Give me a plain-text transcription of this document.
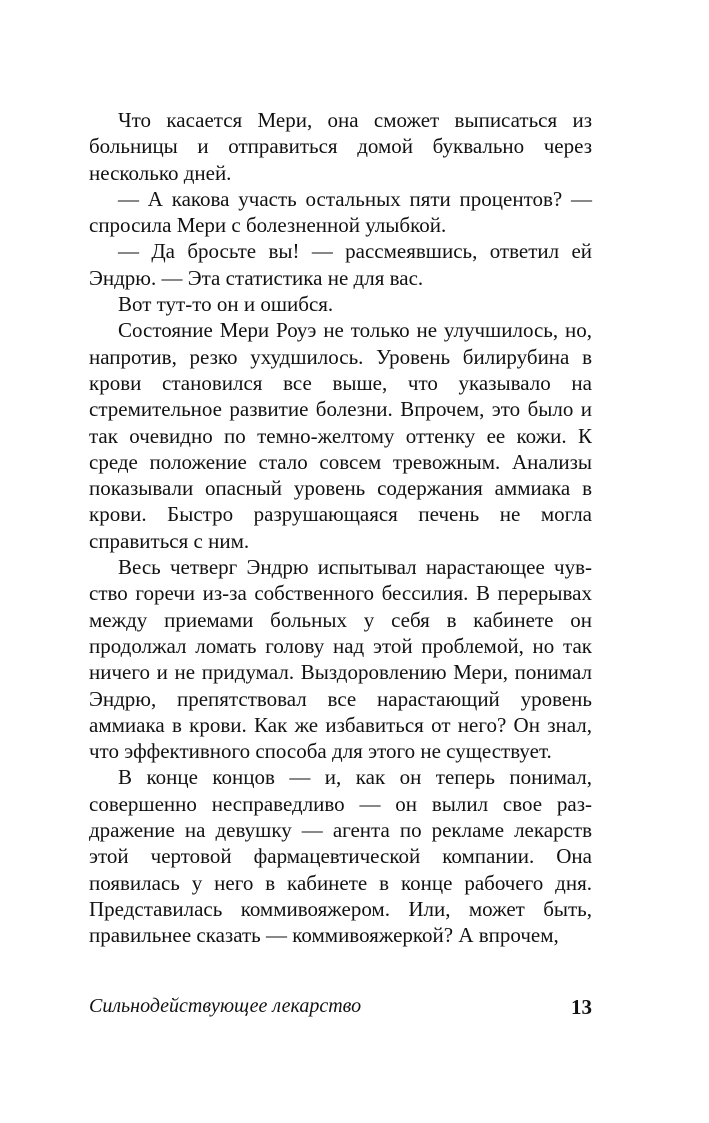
Что касается Мери, она сможет выписаться из больницы и отправиться домой буквально через несколько дней.

— А какова участь остальных пяти процентов? — спросила Мери с болезненной улыбкой.

— Да бросьте вы! — рассмеявшись, ответил ей Эндрю. — Эта статистика не для вас.

Вот тут-то он и ошибся.

Состояние Мери Роуэ не только не улучшилось, но, напротив, резко ухудшилось. Уровень билирубина в крови становился все выше, что указывало на стремительное развитие болезни. Впрочем, это было и так очевидно по темно-желтому оттенку ее кожи. К среде положение стало совсем тревожным. Анализы показывали опасный уровень содержания аммиака в крови. Быстро разрушающаяся печень не могла справиться с ним.

Весь четверг Эндрю испытывал нарастающее чувство горечи из-за собственного бессилия. В перерывах между приемами больных у себя в кабинете он продолжал ломать голову над этой проблемой, но так ничего и не придумал. Выздоровлению Мери, понимал Эндрю, препятствовал все нарастающий уровень аммиака в крови. Как же избавиться от него? Он знал, что эффективного способа для этого не существует.

В конце концов — и, как он теперь понимал, совершенно несправедливо — он вылил свое раздражение на девушку — агента по рекламе лекарств этой чертовой фармацевтической компании. Она появилась у него в кабинете в конце рабочего дня. Представилась коммивояжером. Или, может быть, правильнее сказать — коммивояжеркой? А впрочем,

Сильнодействующее лекарство	13
